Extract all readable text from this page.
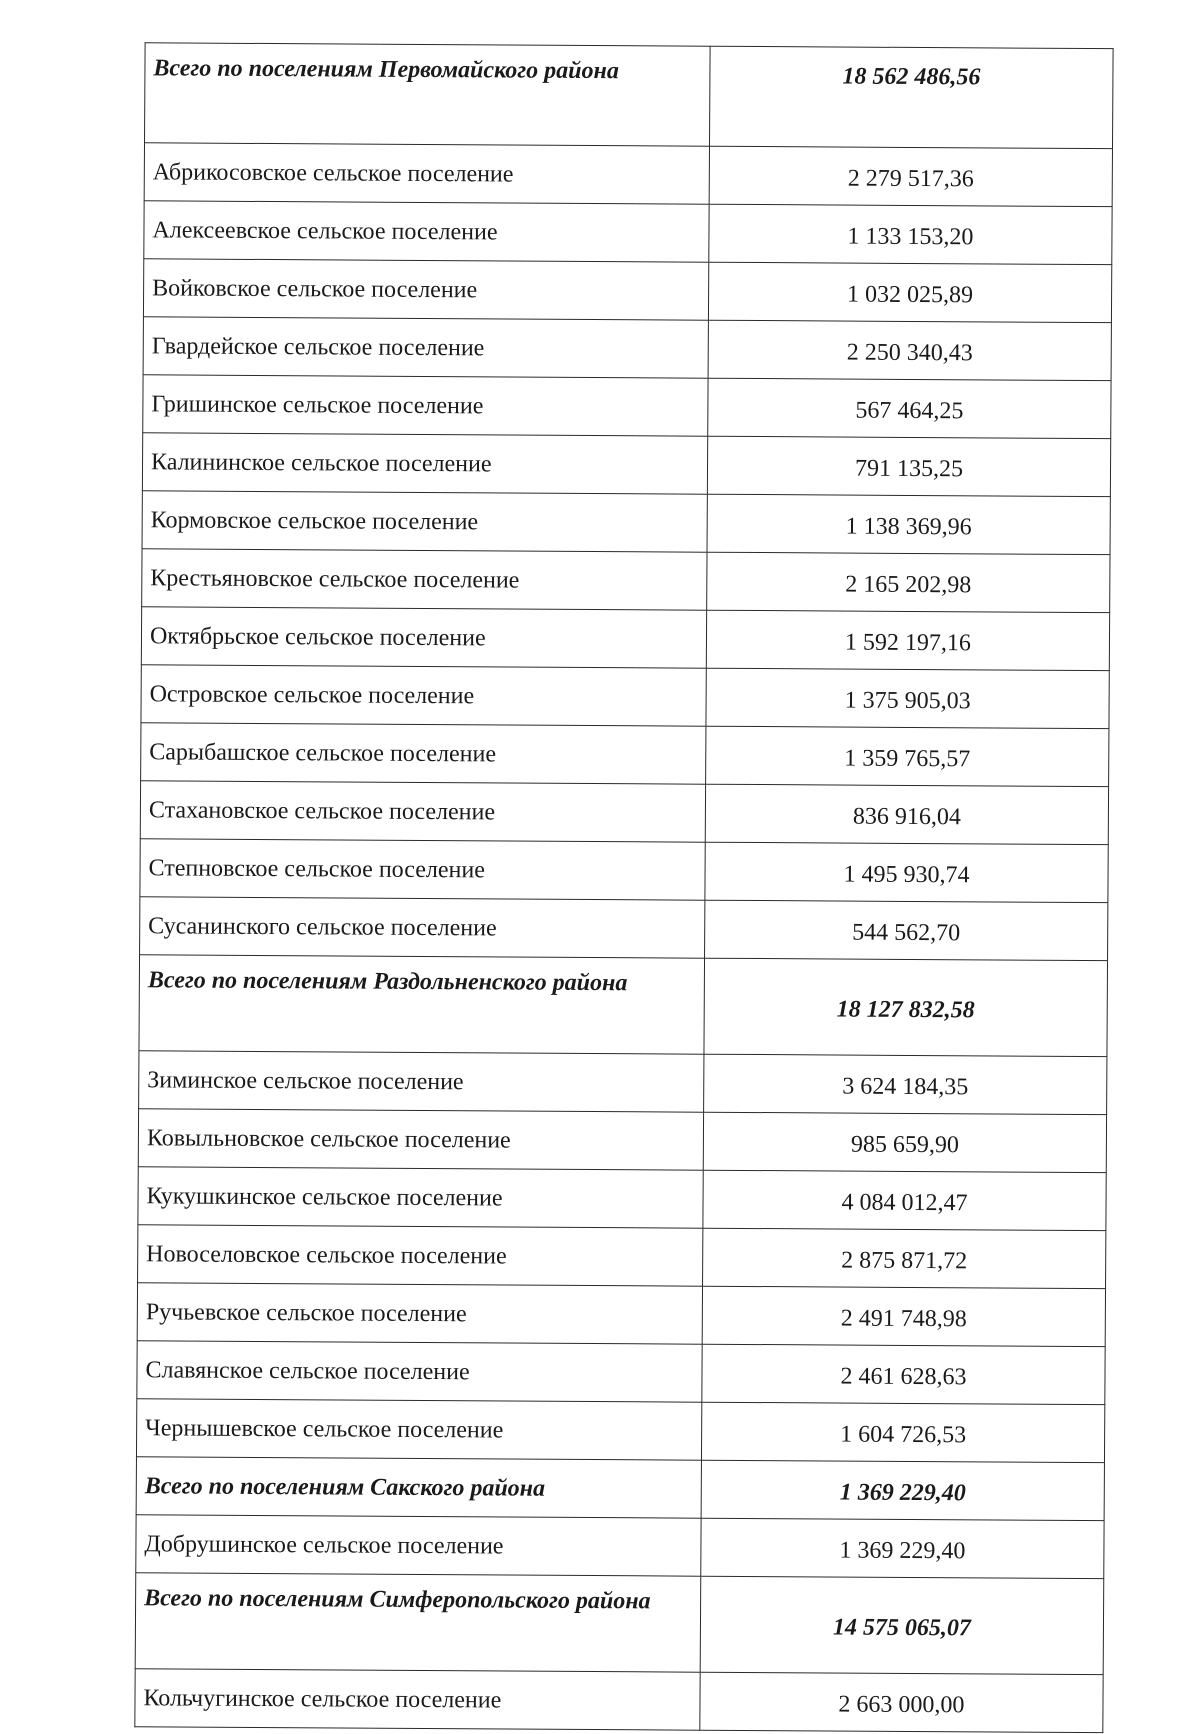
Всего по поселениям Первомайского района	18 562 486,56
Абрикосовское сельское поселение	2 279 517,36
Алексеевское сельское поселение	1 133 153,20
Войковское сельское поселение	1 032 025,89
Гвардейское сельское поселение	2 250 340,43
Гришинское сельское поселение	567 464,25
Калининское сельское поселение	791 135,25
Кормовское сельское поселение	1 138 369,96
Крестьяновское сельское поселение	2 165 202,98
Октябрьское сельское поселение	1 592 197,16
Островское сельское поселение	1 375 905,03
Сарыбашское сельское поселение	1 359 765,57
Стахановское сельское поселение	836 916,04
Степновское сельское поселение	1 495 930,74
Сусанинского сельское поселение	544 562,70
Всего по поселениям Раздольненского района	18 127 832,58
Зиминское сельское поселение	3 624 184,35
Ковыльновское сельское поселение	985 659,90
Кукушкинское сельское поселение	4 084 012,47
Новоселовское сельское поселение	2 875 871,72
Ручьевское сельское поселение	2 491 748,98
Славянское сельское поселение	2 461 628,63
Чернышевское сельское поселение	1 604 726,53
Всего по поселениям Сакского района	1 369 229,40
Добрушинское сельское поселение	1 369 229,40
Всего по поселениям Симферопольского района	14 575 065,07
Кольчугинское сельское поселение	2 663 000,00
